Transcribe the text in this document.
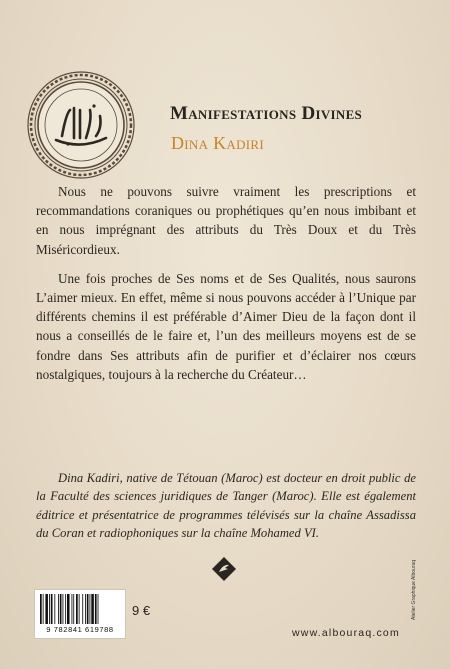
Manifestations Divines
Dina Kadiri

Nous ne pouvons suivre vraiment les prescriptions et recommandations coraniques ou prophétiques qu’en nous imbibant et en nous imprégnant des attributs du Très Doux et du Très Miséricordieux.

Une fois proches de Ses noms et de Ses Qualités, nous saurons L’aimer mieux. En effet, même si nous pouvons accéder à l’Unique par différents chemins il est préférable d’Aimer Dieu de la façon dont il nous a conseillés de le faire et, l’un des meilleurs moyens est de se fondre dans Ses attributs afin de purifier et d’éclairer nos cœurs nostalgiques, toujours à la recherche du Créateur…

Dina Kadiri, native de Tétouan (Maroc) est docteur en droit public de la Faculté des sciences juridiques de Tanger (Maroc). Elle est également éditrice et présentatrice de programmes télévisés sur la chaîne Assadissa du Coran et radiophoniques sur la chaîne Mohamed VI.
Atelier Graphique Albouraq
9 782841 619788
9 €
www.albouraq.com
